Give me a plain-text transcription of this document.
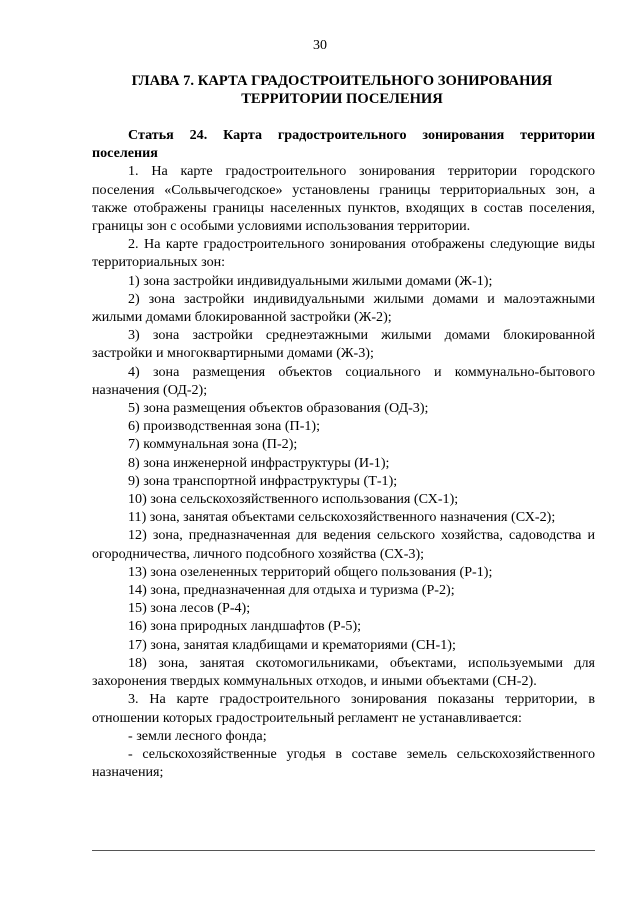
30
ГЛАВА 7. КАРТА ГРАДОСТРОИТЕЛЬНОГО ЗОНИРОВАНИЯ ТЕРРИТОРИИ ПОСЕЛЕНИЯ

Статья 24. Карта градостроительного зонирования территории поселения

1. На карте градостроительного зонирования территории городского поселения «Сольвычегодское» установлены границы территориальных зон, а также отображены границы населенных пунктов, входящих в состав поселения, границы зон с особыми условиями использования территории.

2. На карте градостроительного зонирования отображены следующие виды территориальных зон:

1) зона застройки индивидуальными жилыми домами (Ж-1);

2) зона застройки индивидуальными жилыми домами и малоэтажными жилыми домами блокированной застройки (Ж-2);

3) зона застройки среднеэтажными жилыми домами блокированной застройки и многоквартирными домами (Ж-3);

4) зона размещения объектов социального и коммунально-бытового назначения (ОД-2);

5) зона размещения объектов образования (ОД-3);

6) производственная зона (П-1);

7) коммунальная зона (П-2);

8) зона инженерной инфраструктуры (И-1);

9) зона транспортной инфраструктуры (Т-1);

10) зона сельскохозяйственного использования (СХ-1);

11) зона, занятая объектами сельскохозяйственного назначения (СХ-2);

12) зона, предназначенная для ведения сельского хозяйства, садоводства и огородничества, личного подсобного хозяйства (СХ-3);

13) зона озелененных территорий общего пользования (Р-1);

14) зона, предназначенная для отдыха и туризма (Р-2);

15) зона лесов (Р-4);

16) зона природных ландшафтов (Р-5);

17) зона, занятая кладбищами и крематориями (СН-1);

18) зона, занятая скотомогильниками, объектами, используемыми для захоронения твердых коммунальных отходов, и иными объектами (СН-2).

3. На карте градостроительного зонирования показаны территории, в отношении которых градостроительный регламент не устанавливается:

- земли лесного фонда;

- сельскохозяйственные угодья в составе земель сельскохозяйственного назначения;
